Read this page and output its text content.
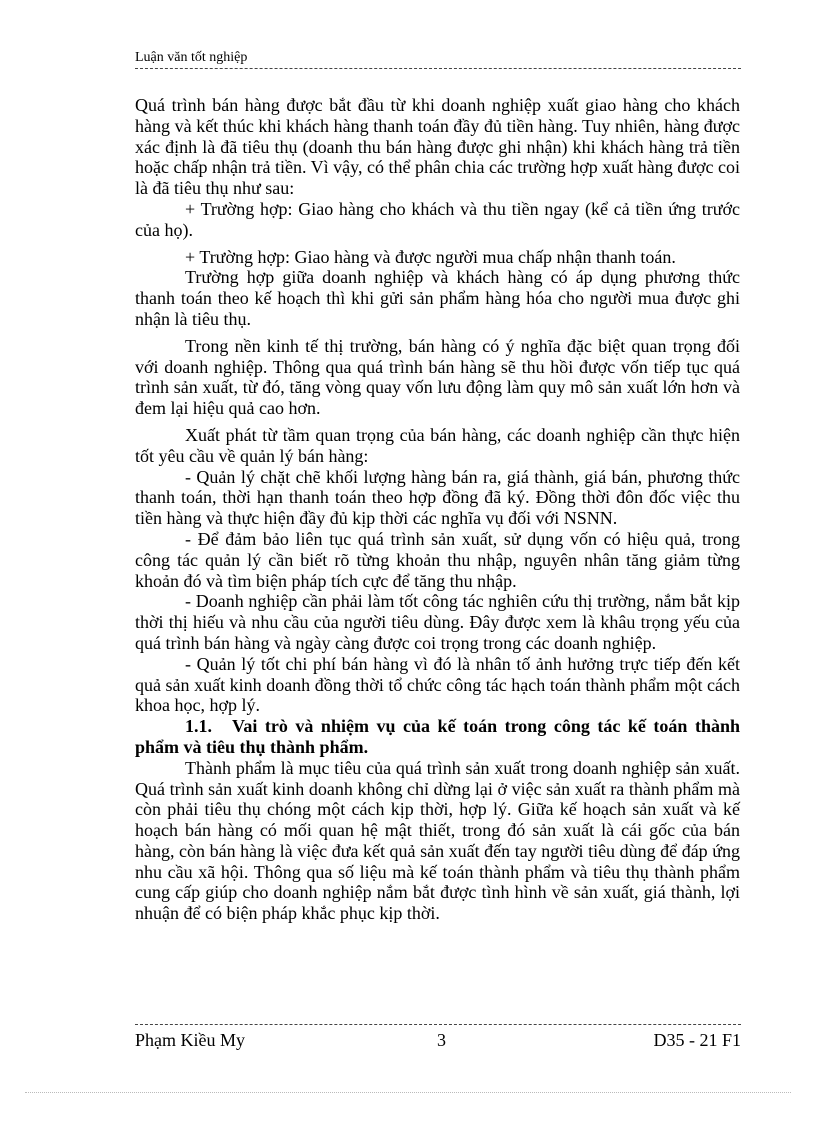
Luận văn tốt nghiệp

Quá trình bán hàng được bắt đầu từ khi doanh nghiệp xuất giao hàng cho khách hàng và kết thúc khi khách hàng thanh toán đầy đủ tiền hàng. Tuy nhiên, hàng được xác định là đã tiêu thụ (doanh thu bán hàng được ghi nhận) khi khách hàng trả tiền hoặc chấp nhận trả tiền. Vì vậy, có thể phân chia các trường hợp xuất hàng được coi là đã tiêu thụ như sau:

+ Trường hợp: Giao hàng cho khách và thu tiền ngay (kể cả tiền ứng trước của họ).

+ Trường hợp: Giao hàng và được người mua chấp nhận thanh toán.

Trường hợp giữa doanh nghiệp và khách hàng có áp dụng phương thức thanh toán theo kế hoạch thì khi gửi sản phẩm hàng hóa cho người mua được ghi nhận là tiêu thụ.

Trong nền kinh tế thị trường, bán hàng có ý nghĩa đặc biệt quan trọng đối với doanh nghiệp. Thông qua quá trình bán hàng sẽ thu hồi được vốn tiếp tục quá trình sản xuất, từ đó, tăng vòng quay vốn lưu động làm quy mô sản xuất lớn hơn và đem lại hiệu quả cao hơn.

Xuất phát từ tầm quan trọng của bán hàng, các doanh nghiệp cần thực hiện tốt yêu cầu về quản lý bán hàng:

- Quản lý chặt chẽ khối lượng hàng bán ra, giá thành, giá bán, phương thức thanh toán, thời hạn thanh toán theo hợp đồng đã ký. Đồng thời đôn đốc việc thu tiền hàng và thực hiện đầy đủ kịp thời các nghĩa vụ đối với NSNN.

- Để đảm bảo liên tục quá trình sản xuất, sử dụng vốn có hiệu quả, trong công tác quản lý cần biết rõ từng khoản thu nhập, nguyên nhân tăng giảm từng khoản đó và tìm biện pháp tích cực để tăng thu nhập.

- Doanh nghiệp cần phải làm tốt công tác nghiên cứu thị trường, nắm bắt kịp thời thị hiếu và nhu cầu của người tiêu dùng. Đây được xem là khâu trọng yếu của quá trình bán hàng và ngày càng được coi trọng trong các doanh nghiệp.

- Quản lý tốt chi phí bán hàng vì đó là nhân tố ảnh hưởng trực tiếp đến kết quả sản xuất kinh doanh đồng thời tổ chức công tác hạch toán thành phẩm một cách khoa học, hợp lý.

1.1. Vai trò và nhiệm vụ của kế toán trong công tác kế toán thành phẩm và tiêu thụ thành phẩm.

Thành phẩm là mục tiêu của quá trình sản xuất trong doanh nghiệp sản xuất. Quá trình sản xuất kinh doanh không chỉ dừng lại ở việc sản xuất ra thành phẩm mà còn phải tiêu thụ chóng một cách kịp thời, hợp lý. Giữa kế hoạch sản xuất và kế hoạch bán hàng có mối quan hệ mật thiết, trong đó sản xuất là cái gốc của bán hàng, còn bán hàng là việc đưa kết quả sản xuất đến tay người tiêu dùng để đáp ứng nhu cầu xã hội. Thông qua số liệu mà kế toán thành phẩm và tiêu thụ thành phẩm cung cấp giúp cho doanh nghiệp nắm bắt được tình hình về sản xuất, giá thành, lợi nhuận để có biện pháp khắc phục kịp thời.

Phạm Kiều My	3	D35 - 21 F1
